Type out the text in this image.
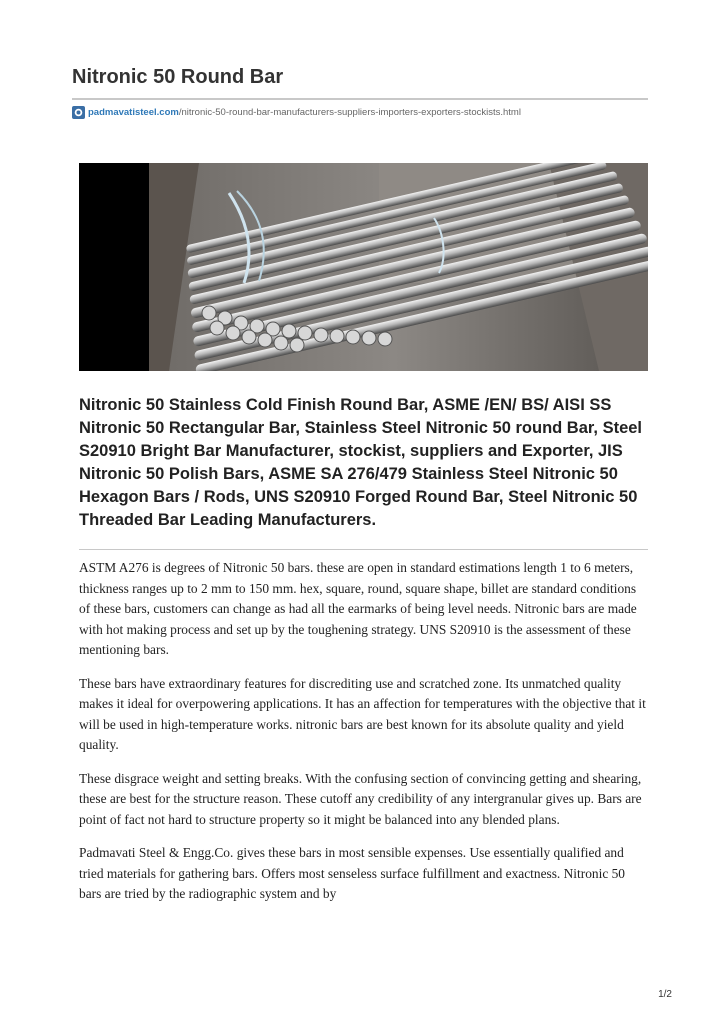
Nitronic 50 Round Bar
padmavatisteel.com /nitronic-50-round-bar-manufacturers-suppliers-importers-exporters-stockists.html
Nitronic 50 Stainless Cold Finish Round Bar, ASME /EN/ BS/ AISI SS Nitronic 50 Rectangular Bar, Stainless Steel Nitronic 50 round Bar, Steel S20910 Bright Bar Manufacturer, stockist, suppliers and Exporter, JIS Nitronic 50 Polish Bars, ASME SA 276/479 Stainless Steel Nitronic 50 Hexagon Bars / Rods, UNS S20910 Forged Round Bar, Steel Nitronic 50 Threaded Bar Leading Manufacturers.

ASTM A276 is degrees of Nitronic 50 bars. these are open in standard estimations length 1 to 6 meters, thickness ranges up to 2 mm to 150 mm. hex, square, round, square shape, billet are standard conditions of these bars, customers can change as had all the earmarks of being level needs. Nitronic bars are made with hot making process and set up by the toughening strategy. UNS S20910 is the assessment of these mentioning bars.

These bars have extraordinary features for discrediting use and scratched zone. Its unmatched quality makes it ideal for overpowering applications. It has an affection for temperatures with the objective that it will be used in high-temperature works. nitronic bars are best known for its absolute quality and yield quality.

These disgrace weight and setting breaks. With the confusing section of convincing getting and shearing, these are best for the structure reason. These cutoff any credibility of any intergranular gives up. Bars are point of fact not hard to structure property so it might be balanced into any blended plans.

Padmavati Steel & Engg.Co. gives these bars in most sensible expenses. Use essentially qualified and tried materials for gathering bars. Offers most senseless surface fulfillment and exactness. Nitronic 50 bars are tried by the radiographic system and by

1/2
